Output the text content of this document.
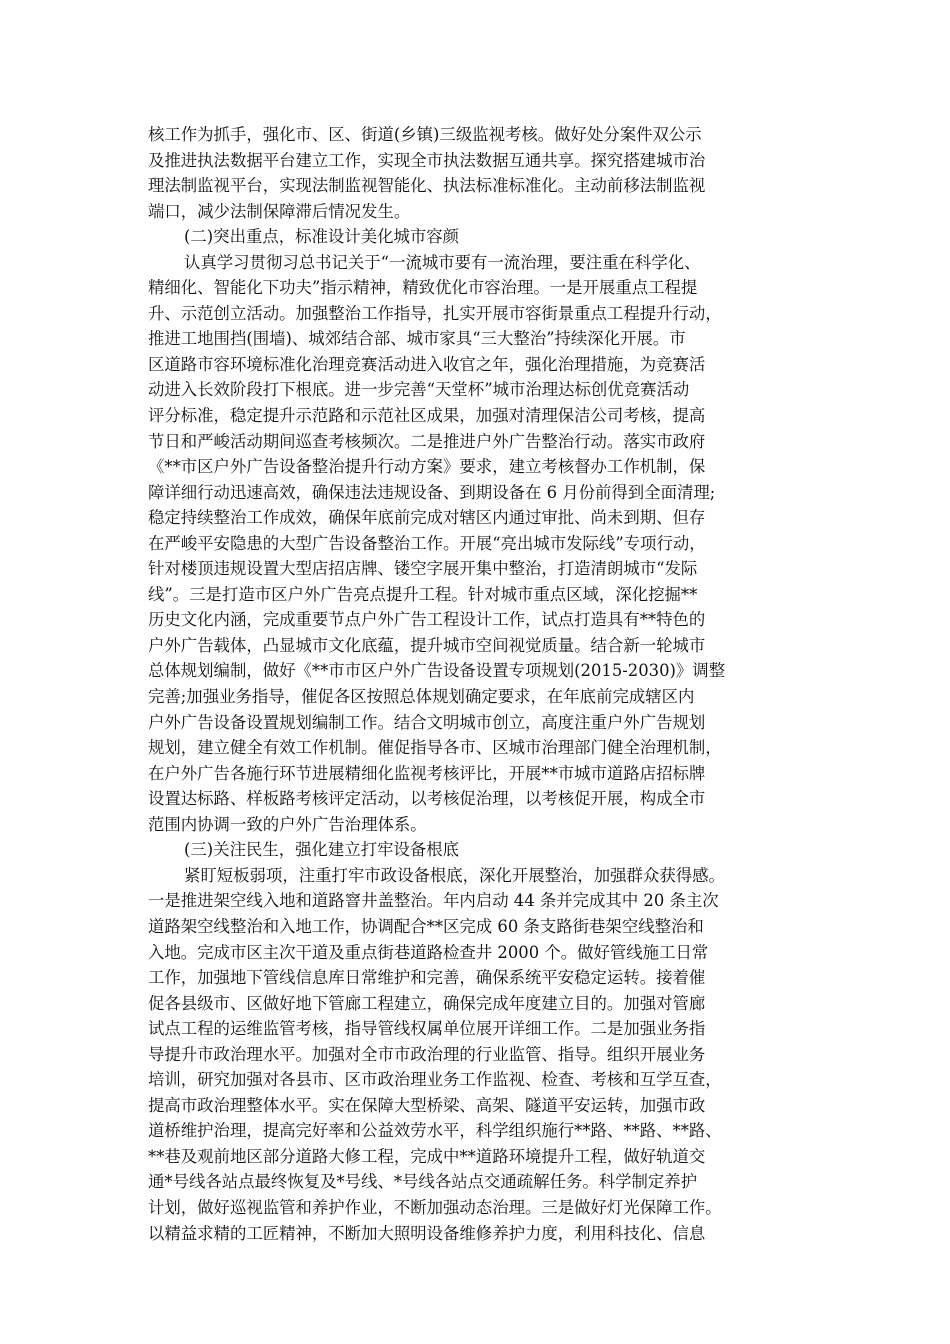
核工作为抓手，强化市、区、街道(乡镇)三级监视考核。做好处分案件双公示
及推进执法数据平台建立工作，实现全市执法数据互通共享。探究搭建城市治
理法制监视平台，实现法制监视智能化、执法标准标准化。主动前移法制监视
端口，减少法制保障滞后情况发生。
(二)突出重点，标准设计美化城市容颜
认真学习贯彻习总书记关于“一流城市要有一流治理，要注重在科学化、
精细化、智能化下功夫”指示精神，精致优化市容治理。一是开展重点工程提
升、示范创立活动。加强整治工作指导，扎实开展市容街景重点工程提升行动，
推进工地围挡(围墙)、城郊结合部、城市家具“三大整治”持续深化开展。市
区道路市容环境标准化治理竞赛活动进入收官之年，强化治理措施，为竞赛活
动进入长效阶段打下根底。进一步完善“天堂杯”城市治理达标创优竞赛活动
评分标准，稳定提升示范路和示范社区成果，加强对清理保洁公司考核，提高
节日和严峻活动期间巡查考核频次。二是推进户外广告整治行动。落实市政府
《**市区户外广告设备整治提升行动方案》要求，建立考核督办工作机制，保
障详细行动迅速高效，确保违法违规设备、到期设备在 6 月份前得到全面清理;
稳定持续整治工作成效，确保年底前完成对辖区内通过审批、尚未到期、但存
在严峻平安隐患的大型广告设备整治工作。开展“亮出城市发际线”专项行动，
针对楼顶违规设置大型店招店牌、镂空字展开集中整治，打造清朗城市“发际
线”。三是打造市区户外广告亮点提升工程。针对城市重点区域，深化挖掘**
历史文化内涵，完成重要节点户外广告工程设计工作，试点打造具有**特色的
户外广告载体，凸显城市文化底蕴，提升城市空间视觉质量。结合新一轮城市
总体规划编制，做好《**市市区户外广告设备设置专项规划(2015-2030)》调整
完善;加强业务指导，催促各区按照总体规划确定要求，在年底前完成辖区内
户外广告设备设置规划编制工作。结合文明城市创立，高度注重户外广告规划
规划，建立健全有效工作机制。催促指导各市、区城市治理部门健全治理机制，
在户外广告各施行环节进展精细化监视考核评比，开展**市城市道路店招标牌
设置达标路、样板路考核评定活动，以考核促治理，以考核促开展，构成全市
范围内协调一致的户外广告治理体系。
(三)关注民生，强化建立打牢设备根底
紧盯短板弱项，注重打牢市政设备根底，深化开展整治，加强群众获得感。
一是推进架空线入地和道路窨井盖整治。年内启动 44 条并完成其中 20 条主次
道路架空线整治和入地工作，协调配合**区完成 60 条支路街巷架空线整治和
入地。完成市区主次干道及重点街巷道路检查井 2000 个。做好管线施工日常
工作，加强地下管线信息库日常维护和完善，确保系统平安稳定运转。接着催
促各县级市、区做好地下管廊工程建立，确保完成年度建立目的。加强对管廊
试点工程的运维监管考核，指导管线权属单位展开详细工作。二是加强业务指
导提升市政治理水平。加强对全市市政治理的行业监管、指导。组织开展业务
培训，研究加强对各县市、区市政治理业务工作监视、检查、考核和互学互查，
提高市政治理整体水平。实在保障大型桥梁、高架、隧道平安运转，加强市政
道桥维护治理，提高完好率和公益效劳水平，科学组织施行**路、**路、**路、
**巷及观前地区部分道路大修工程，完成中**道路环境提升工程，做好轨道交
通*号线各站点最终恢复及*号线、*号线各站点交通疏解任务。科学制定养护
计划，做好巡视监管和养护作业，不断加强动态治理。三是做好灯光保障工作。
以精益求精的工匠精神，不断加大照明设备维修养护力度，利用科技化、信息
